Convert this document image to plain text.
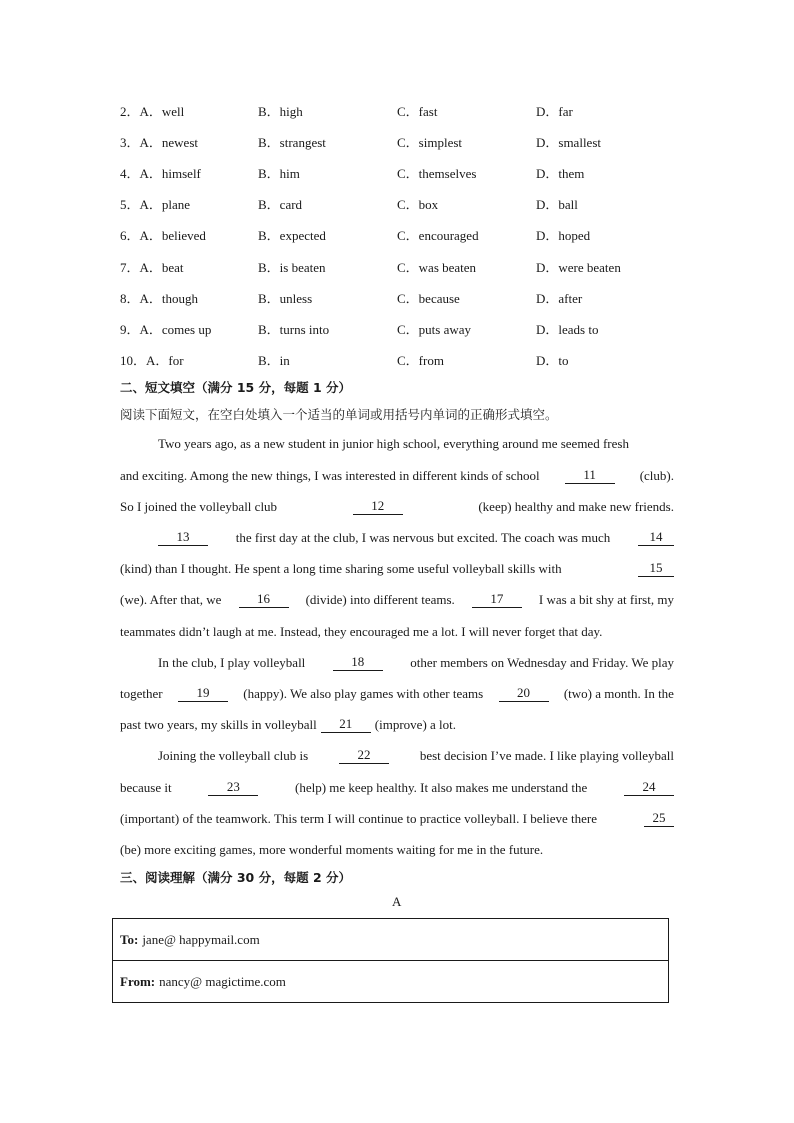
2．A．well	B．high	C．fast	D．far
3．A．newest	B．strangest	C．simplest	D．smallest
4．A．himself	B．him	C．themselves	D．them
5．A．plane	B．card	C．box	D．ball
6．A．believed	B．expected	C．encouraged	D．hoped
7．A．beat	B．is beaten	C．was beaten	D．were beaten
8．A．though	B．unless	C．because	D．after
9．A．comes up	B．turns into	C．puts away	D．leads to
10．A．for	B．in	C．from	D．to
二、短文填空（满分 15 分，每题 1 分）
阅读下面短文，在空白处填入一个适当的单词或用括号内单词的正确形式填空。
Two years ago, as a new student in junior high school, everything around me seemed fresh
and exciting. Among the new things, I was interested in different kinds of school	11	(club).
So I joined the volleyball club	12	(keep) healthy and make new friends.
13	the first day at the club, I was nervous but excited. The coach was much	14
(kind) than I thought. He spent a long time sharing some useful volleyball skills with	15
(we). After that, we	16	(divide) into different teams.	17	I was a bit shy at first, my
teammates didn’t laugh at me. Instead, they encouraged me a lot. I will never forget that day.
In the club, I play volleyball	18	other members on Wednesday and Friday. We play
together	19	(happy). We also play games with other teams	20	(two) a month. In the
past two years, my skills in volleyball	21	(improve) a lot.
Joining the volleyball club is	22	best decision I’ve made. I like playing volleyball
because it	23	(help) me keep healthy. It also makes me understand the	24
(important) of the teamwork. This term I will continue to practice volleyball. I believe there	25
(be) more exciting games, more wonderful moments waiting for me in the future.
三、阅读理解（满分 30 分，每题 2 分）
A
To: jane@ happymail.com
From: nancy@ magictime.com
